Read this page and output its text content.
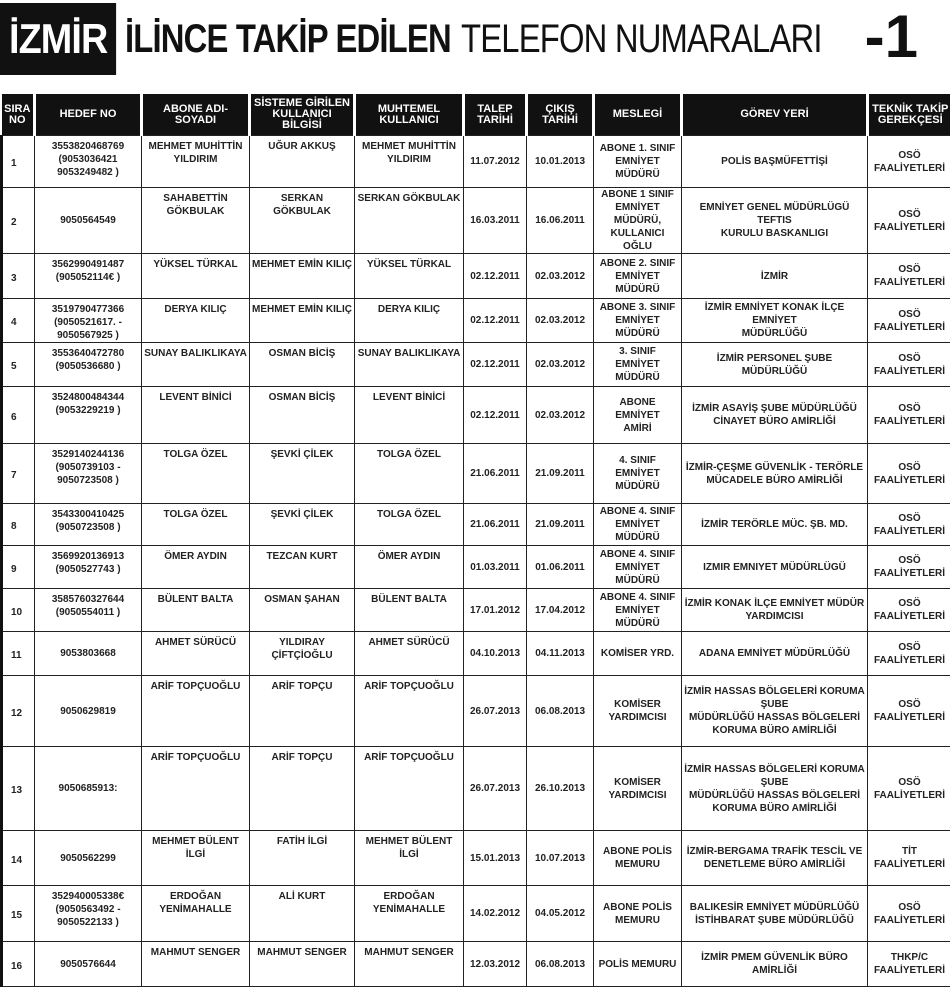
İZMİR İLİNCE TAKİP EDİLEN TELEFON NUMARALARI -1
SIRA
NO	HEDEF NO	ABONE ADI-SOYADI	SİSTEME GİRİLEN
KULLANICI BİLGİSİ	MUHTEMEL KULLANICI	TALEP
TARİHİ	ÇIKIŞ TARİHİ	MESLEGİ	GÖREV YERİ	TEKNİK TAKİP
GEREKÇESİ
1	3553820468769
(9053036421
9053249482 )	MEHMET MUHİTTİN
YILDIRIM	UĞUR AKKUŞ	MEHMET MUHİTTİN
YILDIRIM	11.07.2012	10.01.2013	ABONE 1. SINIF
EMNİYET MÜDÜRÜ	POLİS BAŞMÜFETTİŞİ	OSÖ
FAALİYETLERİ
2	9050564549	SAHABETTİN
GÖKBULAK	SERKAN GÖKBULAK	SERKAN GÖKBULAK	16.03.2011	16.06.2011	ABONE 1 SINIF
EMNİYET MÜDÜRÜ,
KULLANICI OĞLU	EMNİYET GENEL MÜDÜRLÜGÜ TEFTIS
KURULU BASKANLIGI	OSÖ
FAALİYETLERİ
3	3562990491487
(905052114€ )	YÜKSEL TÜRKAL	MEHMET EMİN KILIÇ	YÜKSEL TÜRKAL	02.12.2011	02.03.2012	ABONE 2. SINIF
EMNİYET MÜDÜRÜ	İZMİR	OSÖ
FAALİYETLERİ
4	3519790477366
(9050521617. -
9050567925 )	DERYA KILIÇ	MEHMET EMİN KILIÇ	DERYA KILIÇ	02.12.2011	02.03.2012	ABONE 3. SINIF
EMNİYET MÜDÜRÜ	İZMİR EMNİYET KONAK İLÇE EMNİYET
MÜDÜRLÜĞÜ	OSÖ
FAALİYETLERİ
5	3553640472780
(9050536680 )	SUNAY BALIKLIKAYA	OSMAN BİCİŞ	SUNAY BALIKLIKAYA	02.12.2011	02.03.2012	3. SINIF EMNİYET
MÜDÜRÜ	İZMİR PERSONEL ŞUBE MÜDÜRLÜĞÜ	OSÖ
FAALİYETLERİ
6	3524800484344
(9053229219 )	LEVENT BİNİCİ	OSMAN BİCİŞ	LEVENT BİNİCİ	02.12.2011	02.03.2012	ABONE EMNİYET
AMİRİ	İZMİR ASAYİŞ ŞUBE MÜDÜRLÜĞÜ
CİNAYET BÜRO AMİRLİĞİ	OSÖ
FAALİYETLERİ
7	3529140244136
(9050739103 -
9050723508 )	TOLGA ÖZEL	ŞEVKİ ÇİLEK	TOLGA ÖZEL	21.06.2011	21.09.2011	4. SINIF EMNİYET
MÜDÜRÜ	İZMİR-ÇEŞME GÜVENLİK - TERÖRLE
MÜCADELE BÜRO AMİRLİĞİ	OSÖ
FAALİYETLERİ
8	3543300410425
(9050723508 )	TOLGA ÖZEL	ŞEVKİ ÇİLEK	TOLGA ÖZEL	21.06.2011	21.09.2011	ABONE 4. SINIF
EMNİYET MÜDÜRÜ	İZMİR TERÖRLE MÜC. ŞB. MD.	OSÖ
FAALİYETLERİ
9	3569920136913
(9050527743 )	ÖMER AYDIN	TEZCAN KURT	ÖMER AYDIN	01.03.2011	01.06.2011	ABONE 4. SINIF
EMNİYET MÜDÜRÜ	IZMIR EMNIYET MÜDÜRLÜGÜ	OSÖ
FAALİYETLERİ
10	3585760327644
(9050554011 )	BÜLENT BALTA	OSMAN ŞAHAN	BÜLENT BALTA	17.01.2012	17.04.2012	ABONE 4. SINIF
EMNİYET MÜDÜRÜ	İZMİR KONAK İLÇE EMNİYET MÜDÜR
YARDIMCISI	OSÖ
FAALİYETLERİ
11	9053803668	AHMET SÜRÜCÜ	YILDIRAY ÇİFTÇİOĞLU	AHMET SÜRÜCÜ	04.10.2013	04.11.2013	KOMİSER YRD.	ADANA EMNİYET MÜDÜRLÜĞÜ	OSÖ
FAALİYETLERİ
12	9050629819	ARİF TOPÇUOĞLU	ARİF TOPÇU	ARİF TOPÇUOĞLU	26.07.2013	06.08.2013	KOMİSER
YARDIMCISI	İZMİR HASSAS BÖLGELERİ KORUMA ŞUBE
MÜDÜRLÜĞÜ HASSAS BÖLGELERİ
KORUMA BÜRO AMİRLİĞİ	OSÖ
FAALİYETLERİ
13	9050685913:	ARİF TOPÇUOĞLU	ARİF TOPÇU	ARİF TOPÇUOĞLU	26.07.2013	26.10.2013	KOMİSER
YARDIMCISI	İZMİR HASSAS BÖLGELERİ KORUMA ŞUBE
MÜDÜRLÜĞÜ HASSAS BÖLGELERİ
KORUMA BÜRO AMİRLİĞİ	OSÖ
FAALİYETLERİ
14	9050562299	MEHMET BÜLENT İLGİ	FATİH İLGİ	MEHMET BÜLENT İLGİ	15.01.2013	10.07.2013	ABONE POLİS
MEMURU	İZMİR-BERGAMA TRAFİK TESCİL VE
DENETLEME BÜRO AMİRLİĞİ	TİT
FAALİYETLERİ
15	352940005338€
(9050563492 -
9050522133 )	ERDOĞAN
YENİMAHALLE	ALİ KURT	ERDOĞAN
YENİMAHALLE	14.02.2012	04.05.2012	ABONE POLİS
MEMURU	BALIKESİR EMNİYET MÜDÜRLÜĞÜ
İSTİHBARAT ŞUBE MÜDÜRLÜĞÜ	OSÖ
FAALİYETLERİ
16	9050576644	MAHMUT SENGER	MAHMUT SENGER	MAHMUT SENGER	12.03.2012	06.08.2013	POLİS MEMURU	İZMİR PMEM GÜVENLİK BÜRO AMİRLİĞİ	THKP/C
FAALİYETLERİ
